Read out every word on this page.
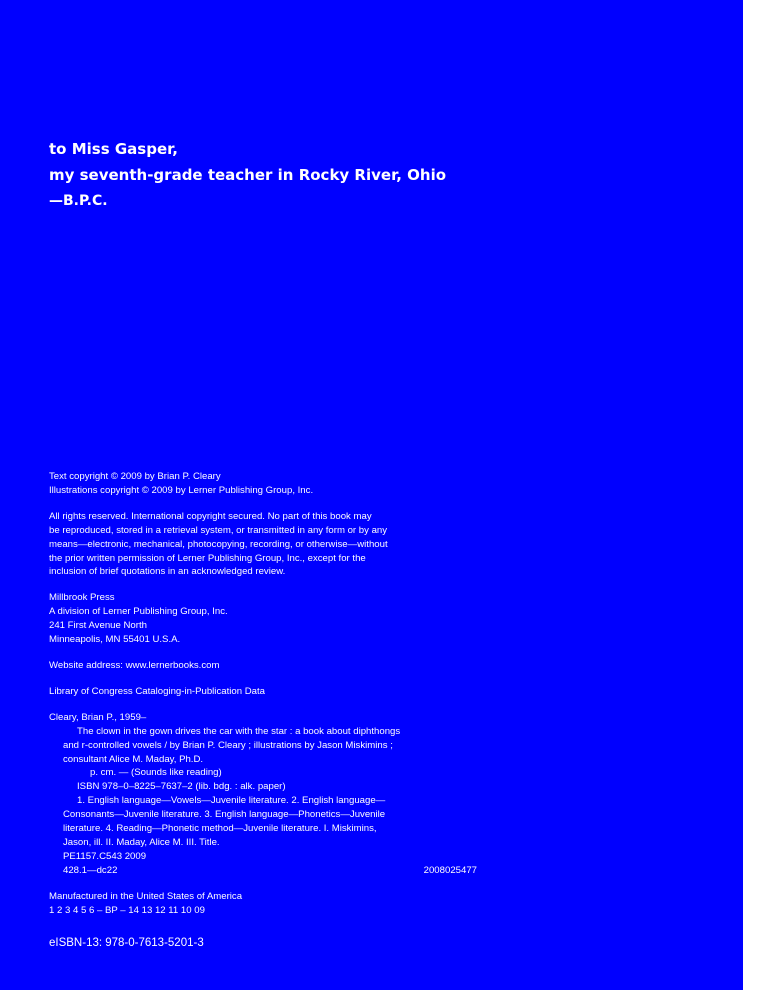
to Miss Gasper,
my seventh-grade teacher in Rocky River, Ohio
—B.P.C.
Text copyright © 2009 by Brian P. Cleary
Illustrations copyright © 2009 by Lerner Publishing Group, Inc.
All rights reserved. International copyright secured. No part of this book may
be reproduced, stored in a retrieval system, or transmitted in any form or by any
means—electronic, mechanical, photocopying, recording, or otherwise—without
the prior written permission of Lerner Publishing Group, Inc., except for the
inclusion of brief quotations in an acknowledged review.
Millbrook Press
A division of Lerner Publishing Group, Inc.
241 First Avenue North
Minneapolis, MN 55401 U.S.A.
Website address: www.lernerbooks.com
Library of Congress Cataloging-in-Publication Data
Cleary, Brian P., 1959–
The clown in the gown drives the car with the star : a book about diphthongs
and r-controlled vowels / by Brian P. Cleary ; illustrations by Jason Miskimins ;
consultant Alice M. Maday, Ph.D.
p. cm. — (Sounds like reading)
ISBN 978–0–8225–7637–2 (lib. bdg. : alk. paper)
1. English language—Vowels—Juvenile literature. 2. English language—
Consonants—Juvenile literature. 3. English language—Phonetics—Juvenile
literature. 4. Reading—Phonetic method—Juvenile literature. I. Miskimins,
Jason, ill. II. Maday, Alice M. III. Title.
PE1157.C543 2009
428.1—dc22	2008025477
Manufactured in the United States of America
1 2 3 4 5 6 – BP – 14 13 12 11 10 09
eISBN-13: 978-0-7613-5201-3
